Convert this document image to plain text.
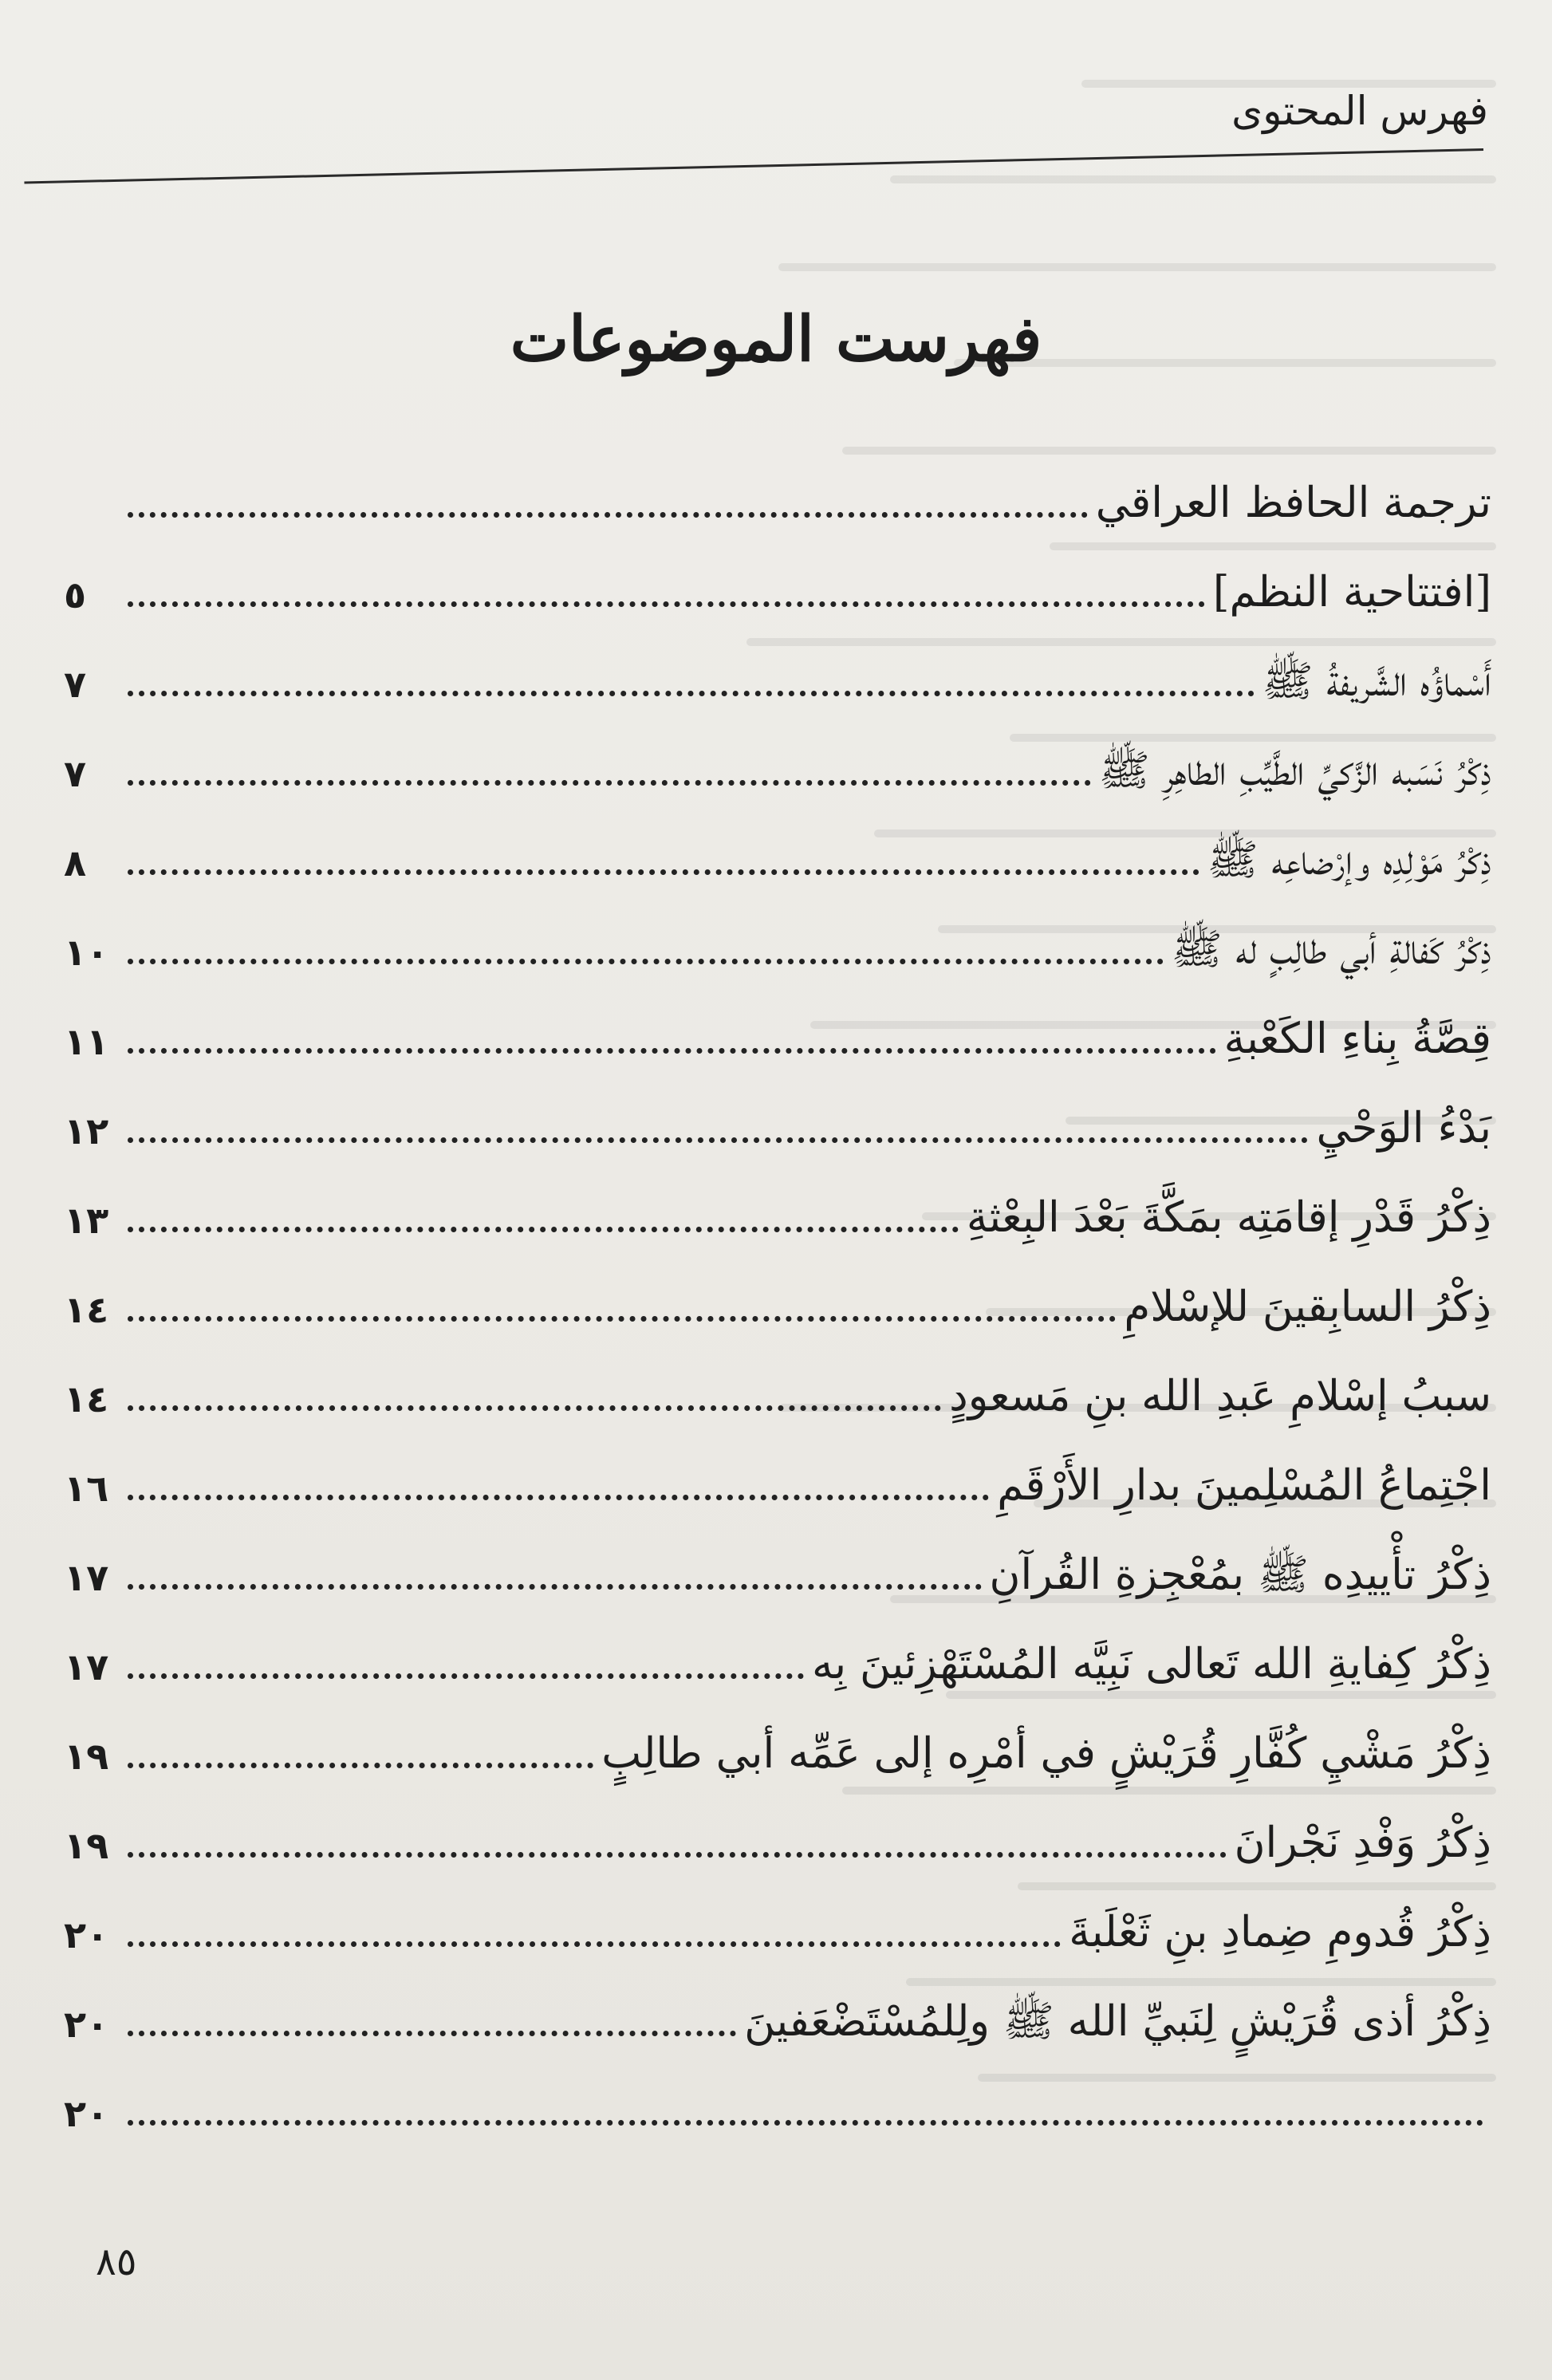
فهرس المحتوى
فهرست الموضوعات
ترجمة الحافظ العراقي
[افتتاحية النظم]
٥
أَسْماؤُه الشَّريفةُ ﷺ
٧
ذِكْرُ نَسَبه الزَّكيِّ الطَّيِّبِ الطاهِرِ ﷺ
٧
ذِكْرُ مَوْلِدِه وإرْضاعِه ﷺ
٨
ذِكْرُ كَفالةِ أبي طالِبٍ له ﷺ
١٠
قِصَّةُ بِناءِ الكَعْبةِ
١١
بَدْءُ الوَحْيِ
١٢
ذِكْرُ قَدْرِ إقامَتِه بمَكَّةَ بَعْدَ البِعْثةِ
١٣
ذِكْرُ السابِقينَ للإسْلامِ
١٤
سببُ إسْلامِ عَبدِ الله بنِ مَسعودٍ
١٤
اجْتِماعُ المُسْلِمينَ بدارِ الأَرْقَمِ
١٦
ذِكْرُ تأْييدِه ﷺ بمُعْجِزةِ القُرآنِ
١٧
ذِكْرُ كِفايةِ الله تَعالى نَبِيَّه المُسْتَهْزِئينَ بِه
١٧
ذِكْرُ مَشْيِ كُفَّارِ قُرَيْشٍ في أمْرِه إلى عَمِّه أبي طالِبٍ
١٩
ذِكْرُ وَفْدِ نَجْرانَ
١٩
ذِكْرُ قُدومِ ضِمادِ بنِ ثَعْلَبةَ
٢٠
ذِكْرُ أذى قُرَيْشٍ لِنَبيِّ الله ﷺ ولِلمُسْتَضْعَفينَ
٢٠
٢٠
٨٥
